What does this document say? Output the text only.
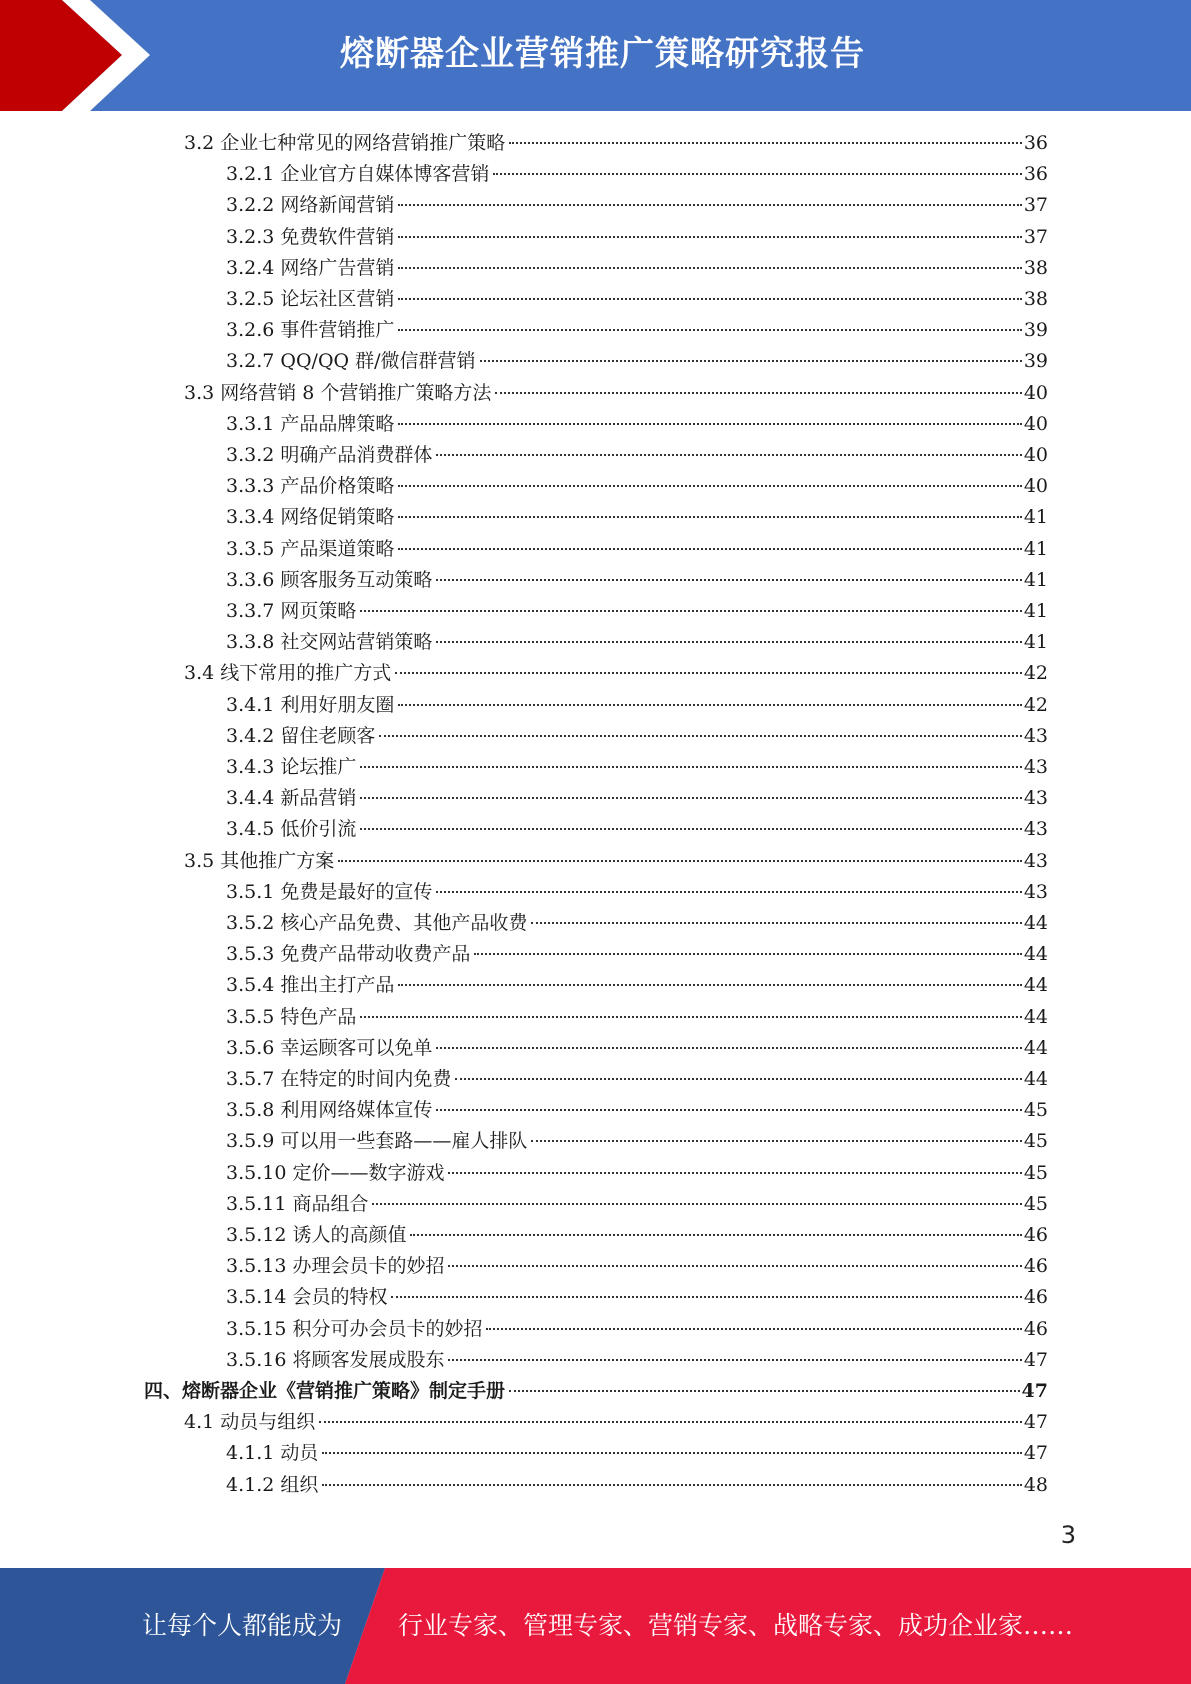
熔断器企业营销推广策略研究报告
3.2 企业七种常见的网络营销推广策略	36
3.2.1 企业官方自媒体博客营销	36
3.2.2 网络新闻营销	37
3.2.3 免费软件营销	37
3.2.4 网络广告营销	38
3.2.5 论坛社区营销	38
3.2.6 事件营销推广	39
3.2.7 QQ/QQ 群/微信群营销	39
3.3 网络营销 8 个营销推广策略方法	40
3.3.1 产品品牌策略	40
3.3.2 明确产品消费群体	40
3.3.3 产品价格策略	40
3.3.4 网络促销策略	41
3.3.5 产品渠道策略	41
3.3.6 顾客服务互动策略	41
3.3.7 网页策略	41
3.3.8 社交网站营销策略	41
3.4 线下常用的推广方式	42
3.4.1 利用好朋友圈	42
3.4.2 留住老顾客	43
3.4.3 论坛推广	43
3.4.4 新品营销	43
3.4.5 低价引流	43
3.5 其他推广方案	43
3.5.1 免费是最好的宣传	43
3.5.2 核心产品免费、其他产品收费	44
3.5.3 免费产品带动收费产品	44
3.5.4 推出主打产品	44
3.5.5 特色产品	44
3.5.6 幸运顾客可以免单	44
3.5.7 在特定的时间内免费	44
3.5.8 利用网络媒体宣传	45
3.5.9 可以用一些套路——雇人排队	45
3.5.10 定价——数字游戏	45
3.5.11 商品组合	45
3.5.12 诱人的高颜值	46
3.5.13 办理会员卡的妙招	46
3.5.14 会员的特权	46
3.5.15 积分可办会员卡的妙招	46
3.5.16 将顾客发展成股东	47
四、熔断器企业《营销推广策略》制定手册	47
4.1 动员与组织	47
4.1.1 动员	47
4.1.2 组织	48
3
让每个人都能成为 行业专家、管理专家、营销专家、战略专家、成功企业家……
